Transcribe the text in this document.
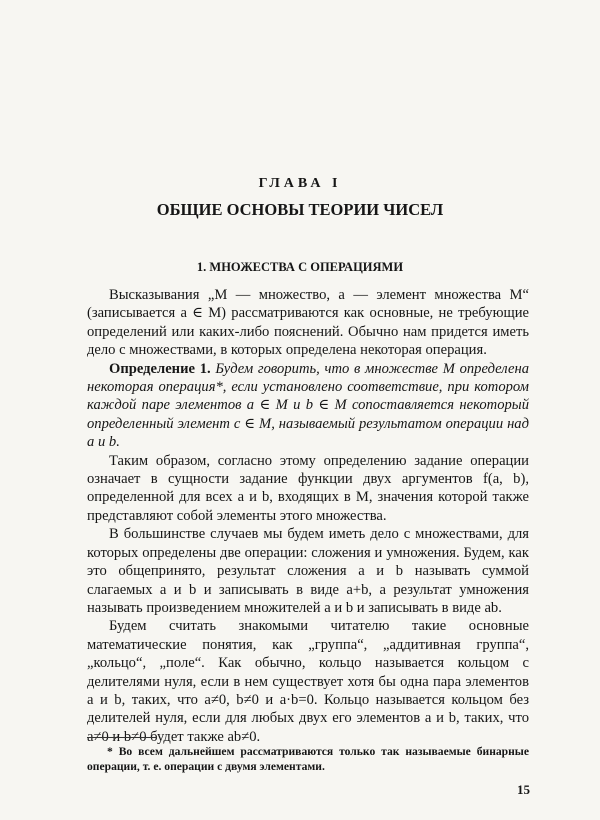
ГЛАВА I
ОБЩИЕ ОСНОВЫ ТЕОРИИ ЧИСЕЛ
1. МНОЖЕСТВА С ОПЕРАЦИЯМИ

Высказывания „M — множество, a — элемент множества M“ (записывается a ∈ M) рассматриваются как основные, не требующие определений или каких-либо пояснений. Обычно нам придется иметь дело с множествами, в которых определена некоторая операция.

Определение 1. Будем говорить, что в множестве M определена некоторая операция*, если установлено соответствие, при котором каждой паре элементов a ∈ M и b ∈ M сопоставляется некоторый определенный элемент c ∈ M, называемый результатом операции над a и b.

Таким образом, согласно этому определению задание операции означает в сущности задание функции двух аргументов f(a, b), определенной для всех a и b, входящих в M, значения которой также представляют собой элементы этого множества.

В большинстве случаев мы будем иметь дело с множествами, для которых определены две операции: сложения и умножения. Будем, как это общепринято, результат сложения a и b называть суммой слагаемых a и b и записывать в виде a+b, а результат умножения называть произведением множителей a и b и записывать в виде ab.

Будем считать знакомыми читателю такие основные математические понятия, как „группа“, „аддитивная группа“, „кольцо“, „поле“. Как обычно, кольцо называется кольцом с делителями нуля, если в нем существует хотя бы одна пара элементов a и b, таких, что a≠0, b≠0 и a·b=0. Кольцо называется кольцом без делителей нуля, если для любых двух его элементов a и b, таких, что a≠0 и b≠0 будет также ab≠0.

* Во всем дальнейшем рассматриваются только так называемые бинарные операции, т. е. операции с двумя элементами.
15
